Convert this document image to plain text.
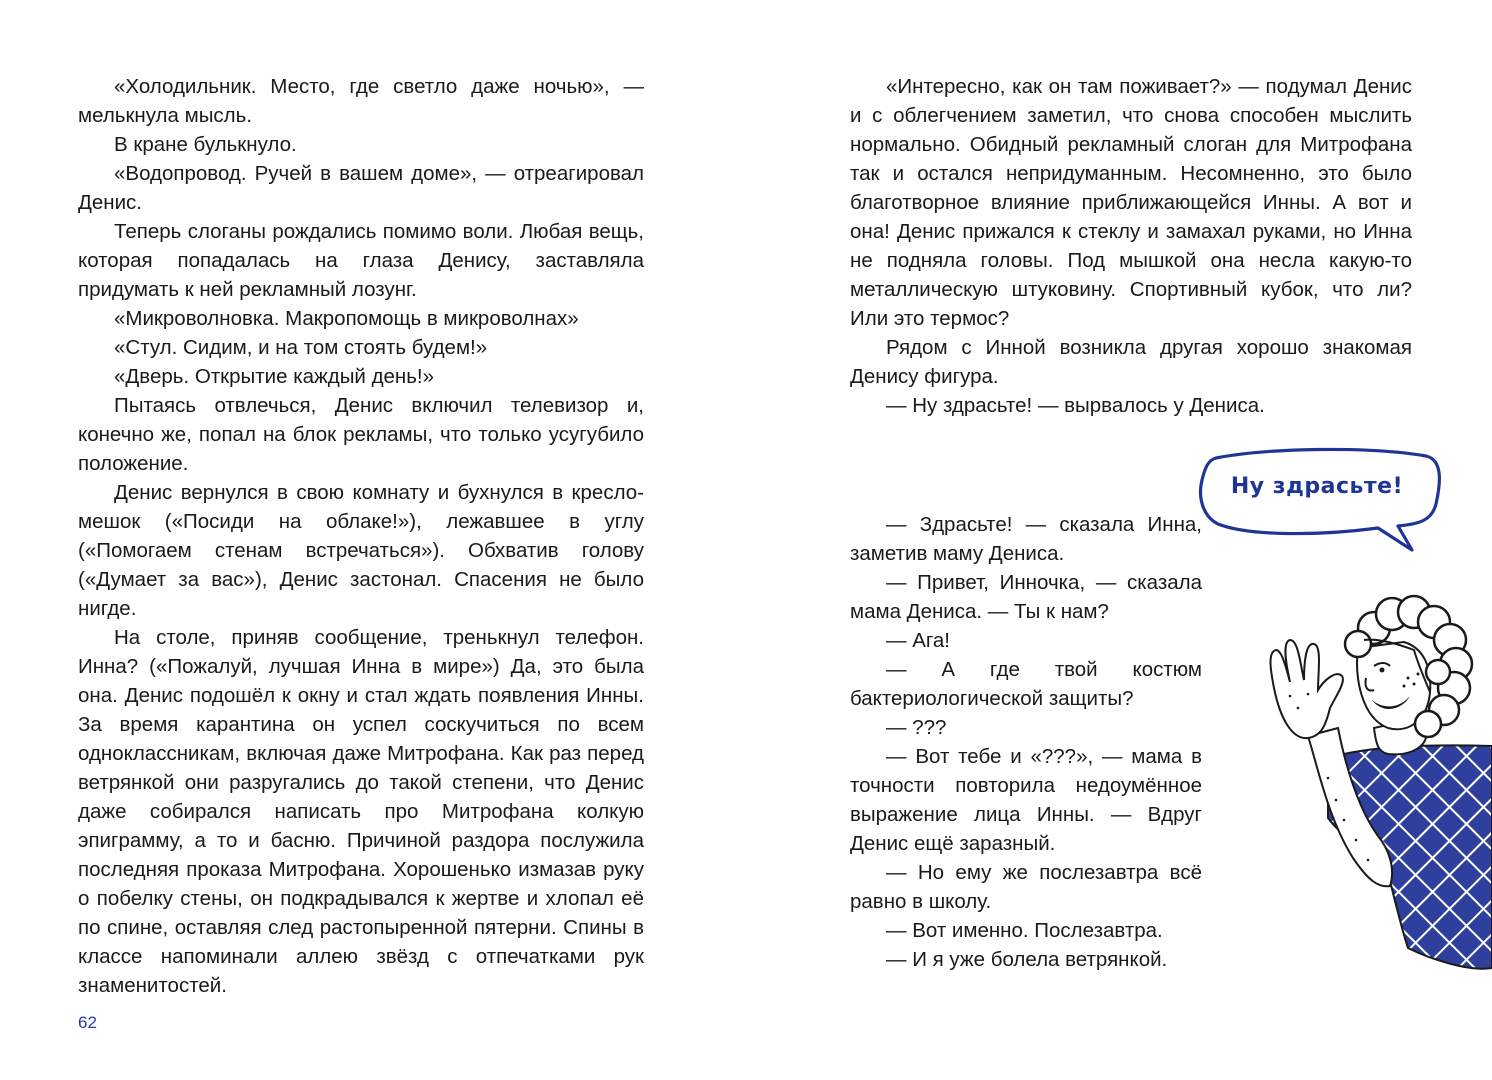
«Холодильник. Место, где светло даже ночью», — мелькнула мысль.

В кране булькнуло.

«Водопровод. Ручей в вашем доме», — отреагировал Денис.

Теперь слоганы рождались помимо воли. Любая вещь, которая попадалась на глаза Денису, заставляла придумать к ней рекламный лозунг.

«Микроволновка. Макропомощь в микроволнах»

«Стул. Сидим, и на том стоять будем!»

«Дверь. Открытие каждый день!»

Пытаясь отвлечься, Денис включил телевизор и, конечно же, попал на блок рекламы, что только усугубило положение.

Денис вернулся в свою комнату и бухнулся в кресло-мешок («Посиди на облаке!»), лежавшее в углу («Помогаем стенам встречаться»). Обхватив голову («Думает за вас»), Денис застонал. Спасения не было нигде.

На столе, приняв сообщение, тренькнул телефон. Инна? («Пожалуй, лучшая Инна в мире») Да, это была она. Денис подошёл к окну и стал ждать появления Инны. За время карантина он успел соскучиться по всем одноклассникам, включая даже Митрофана. Как раз перед ветрянкой они разругались до такой степени, что Денис даже собирался написать про Митрофана колкую эпиграмму, а то и басню. Причиной раздора послужила последняя проказа Митрофана. Хорошенько измазав руку о побелку стены, он подкрадывался к жертве и хлопал её по спине, оставляя след растопыренной пятерни. Спины в классе напоминали аллею звёзд с отпечатками рук знаменитостей.

62

«Интересно, как он там поживает?» — подумал Денис и с облегчением заметил, что снова способен мыслить нормально. Обидный рекламный слоган для Митрофана так и остался непридуманным. Несомненно, это было благотворное влияние приближающейся Инны. А вот и она! Денис прижался к стеклу и замахал руками, но Инна не подняла головы. Под мышкой она несла какую-то металлическую штуковину. Спортивный кубок, что ли? Или это термос?

Рядом с Инной возникла другая хорошо знакомая Денису фигура.

— Ну здрасьте! — вырвалось у Дениса.

Ну здрасьте!

— Здрасьте! — сказала Инна, заметив маму Дениса.

— Привет, Инночка, — сказала мама Дениса. — Ты к нам?

— Ага!

— А где твой костюм бактериологической защиты?

— ???

— Вот тебе и «???», — мама в точности повторила недоумённое выражение лица Инны. — Вдруг Денис ещё заразный.

— Но ему же послезавтра всё равно в школу.

— Вот именно. Послезавтра.

— И я уже болела ветрянкой.
